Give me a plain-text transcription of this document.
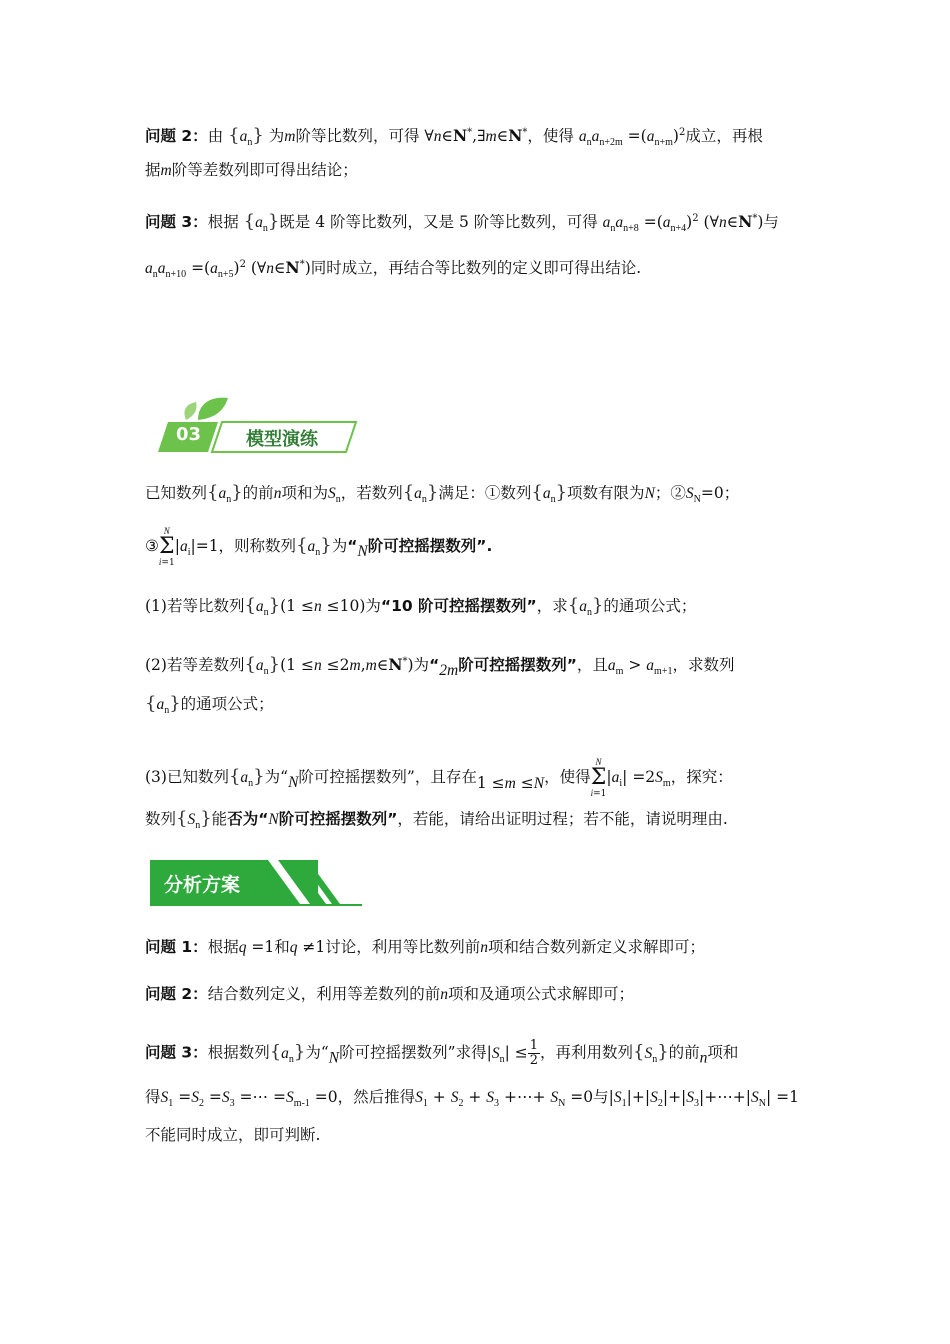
问题 2：由 $\{a_n\}$ 为m阶等比数列，可得 ∀n∈N*,∃m∈N*，使得 $a_na_{n+2m} =(a_{n+m})^2$成立，再根
据m阶等差数列即可得出结论；
问题 3：根据 $\{a_n\}$既是 4 阶等比数列，又是 5 阶等比数列，可得 $a_na_{n+8} =(a_{n+4})^2$ (∀n∈N*)与
$a_na_{n+10} =(a_{n+5})^2$ (∀n∈N*)同时成立，再结合等比数列的定义即可得出结论.
03 模型演练
已知数列$\{a_n\}$的前n项和为$S_n$，若数列$\{a_n\}$满足：①数列$\{a_n\}$项数有限为N；$②S_N=0$；
③N
Σ
$i=1|a_i|=1$，则称数列$\{a_n\}$为“N阶可控摇摆数列”.
(1)若等比数列$\{a_n\}(1 \le n \le 10)$为“10 阶可控摇摆数列”，求$\{a_n\}$的通项公式；
(2)若等差数列$\{a_n\}(1 \le n$ ≤2m,m∈N*)为“2m阶可控摇摆数列”，且$a_m > a_{m+1}$，求数列
$\{a_n\}$的通项公式；
(3)已知数列$\{a_n\}$为“N阶可控摇摆数列”，且存在1 ≤m ≤N，使得N
Σ
$i=1|a_i| =2S_m$，探究：
数列$\{S_n\}$能否为“N阶可控摇摆数列”，若能，请给出证明过程；若不能，请说明理由.
分析方案
问题 1：根据q =1和q ≠1讨论，利用等比数列前n项和结合数列新定义求解即可；
问题 2：结合数列定义，利用等差数列的前n项和及通项公式求解即可；
问题 3：根据数列$\{a_n\}$为“N阶可控摇摆数列”求得$|S_n| \le \frac{1}{2}$ ，再利用数列$\{S_n\}$的前n项和
得$S_1 =S_2 =S_3$ =⋯ $=S_{m-1} =0$，然后推得$S_1 + S_2 + S_3$ +⋯+ $S_N =0$与$|S_1|+|S_2|+|S_3|+\cdots+|S_N| =1$
不能同时成立，即可判断.
